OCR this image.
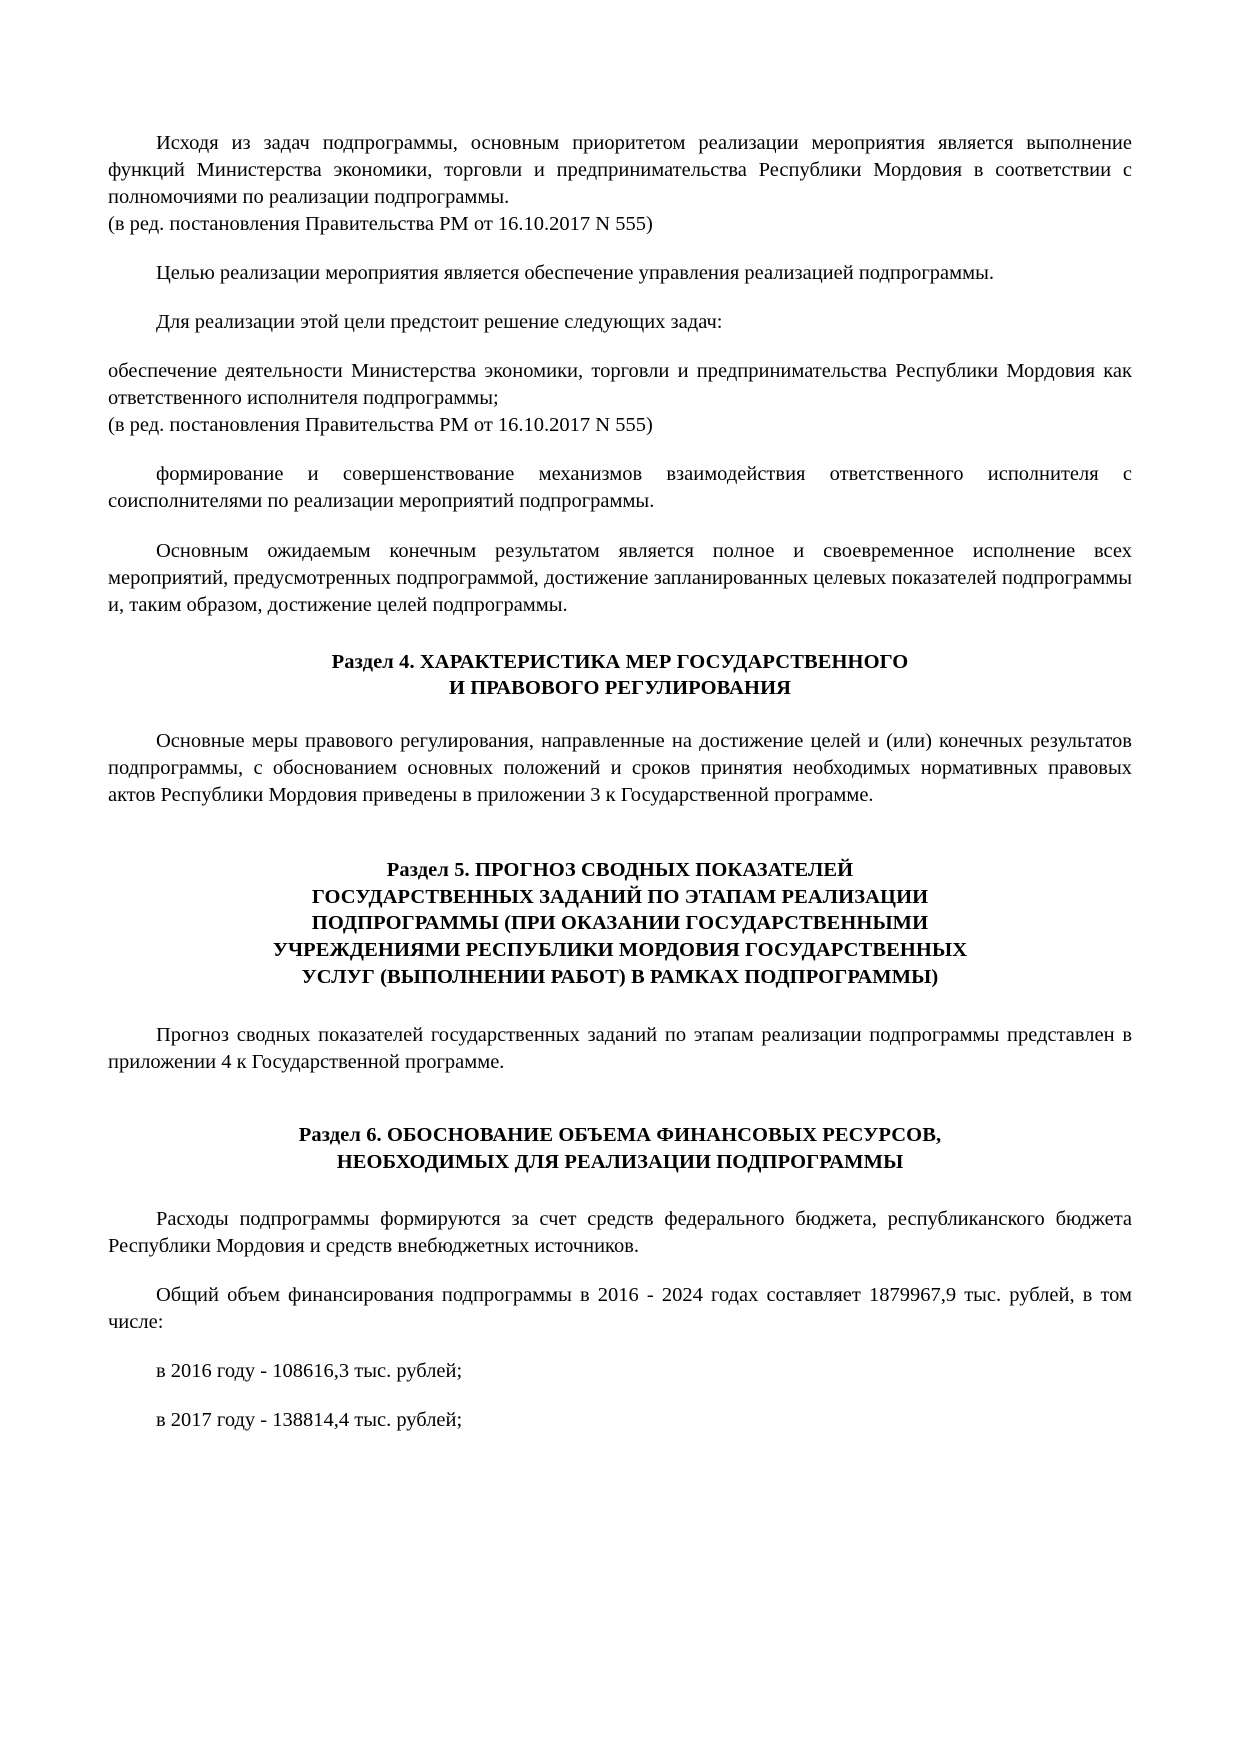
Исходя из задач подпрограммы, основным приоритетом реализации мероприятия является выполнение функций Министерства экономики, торговли и предпринимательства Республики Мордовия в соответствии с полномочиями по реализации подпрограммы.

(в ред. постановления Правительства РМ от 16.10.2017 N 555)

Целью реализации мероприятия является обеспечение управления реализацией подпрограммы.

Для реализации этой цели предстоит решение следующих задач:

обеспечение деятельности Министерства экономики, торговли и предпринимательства Республики Мордовия как ответственного исполнителя подпрограммы;

(в ред. постановления Правительства РМ от 16.10.2017 N 555)

формирование и совершенствование механизмов взаимодействия ответственного исполнителя с соисполнителями по реализации мероприятий подпрограммы.

Основным ожидаемым конечным результатом является полное и своевременное исполнение всех мероприятий, предусмотренных подпрограммой, достижение запланированных целевых показателей подпрограммы и, таким образом, достижение целей подпрограммы.

Раздел 4. ХАРАКТЕРИСТИКА МЕР ГОСУДАРСТВЕННОГО
И ПРАВОВОГО РЕГУЛИРОВАНИЯ

Основные меры правового регулирования, направленные на достижение целей и (или) конечных результатов подпрограммы, с обоснованием основных положений и сроков принятия необходимых нормативных правовых актов Республики Мордовия приведены в приложении 3 к Государственной программе.

Раздел 5. ПРОГНОЗ СВОДНЫХ ПОКАЗАТЕЛЕЙ
ГОСУДАРСТВЕННЫХ ЗАДАНИЙ ПО ЭТАПАМ РЕАЛИЗАЦИИ
ПОДПРОГРАММЫ (ПРИ ОКАЗАНИИ ГОСУДАРСТВЕННЫМИ
УЧРЕЖДЕНИЯМИ РЕСПУБЛИКИ МОРДОВИЯ ГОСУДАРСТВЕННЫХ
УСЛУГ (ВЫПОЛНЕНИИ РАБОТ) В РАМКАХ ПОДПРОГРАММЫ)

Прогноз сводных показателей государственных заданий по этапам реализации подпрограммы представлен в приложении 4 к Государственной программе.

Раздел 6. ОБОСНОВАНИЕ ОБЪЕМА ФИНАНСОВЫХ РЕСУРСОВ,
НЕОБХОДИМЫХ ДЛЯ РЕАЛИЗАЦИИ ПОДПРОГРАММЫ

Расходы подпрограммы формируются за счет средств федерального бюджета, республиканского бюджета Республики Мордовия и средств внебюджетных источников.

Общий объем финансирования подпрограммы в 2016 - 2024 годах составляет 1879967,9 тыс. рублей, в том числе:

в 2016 году - 108616,3 тыс. рублей;

в 2017 году - 138814,4 тыс. рублей;
